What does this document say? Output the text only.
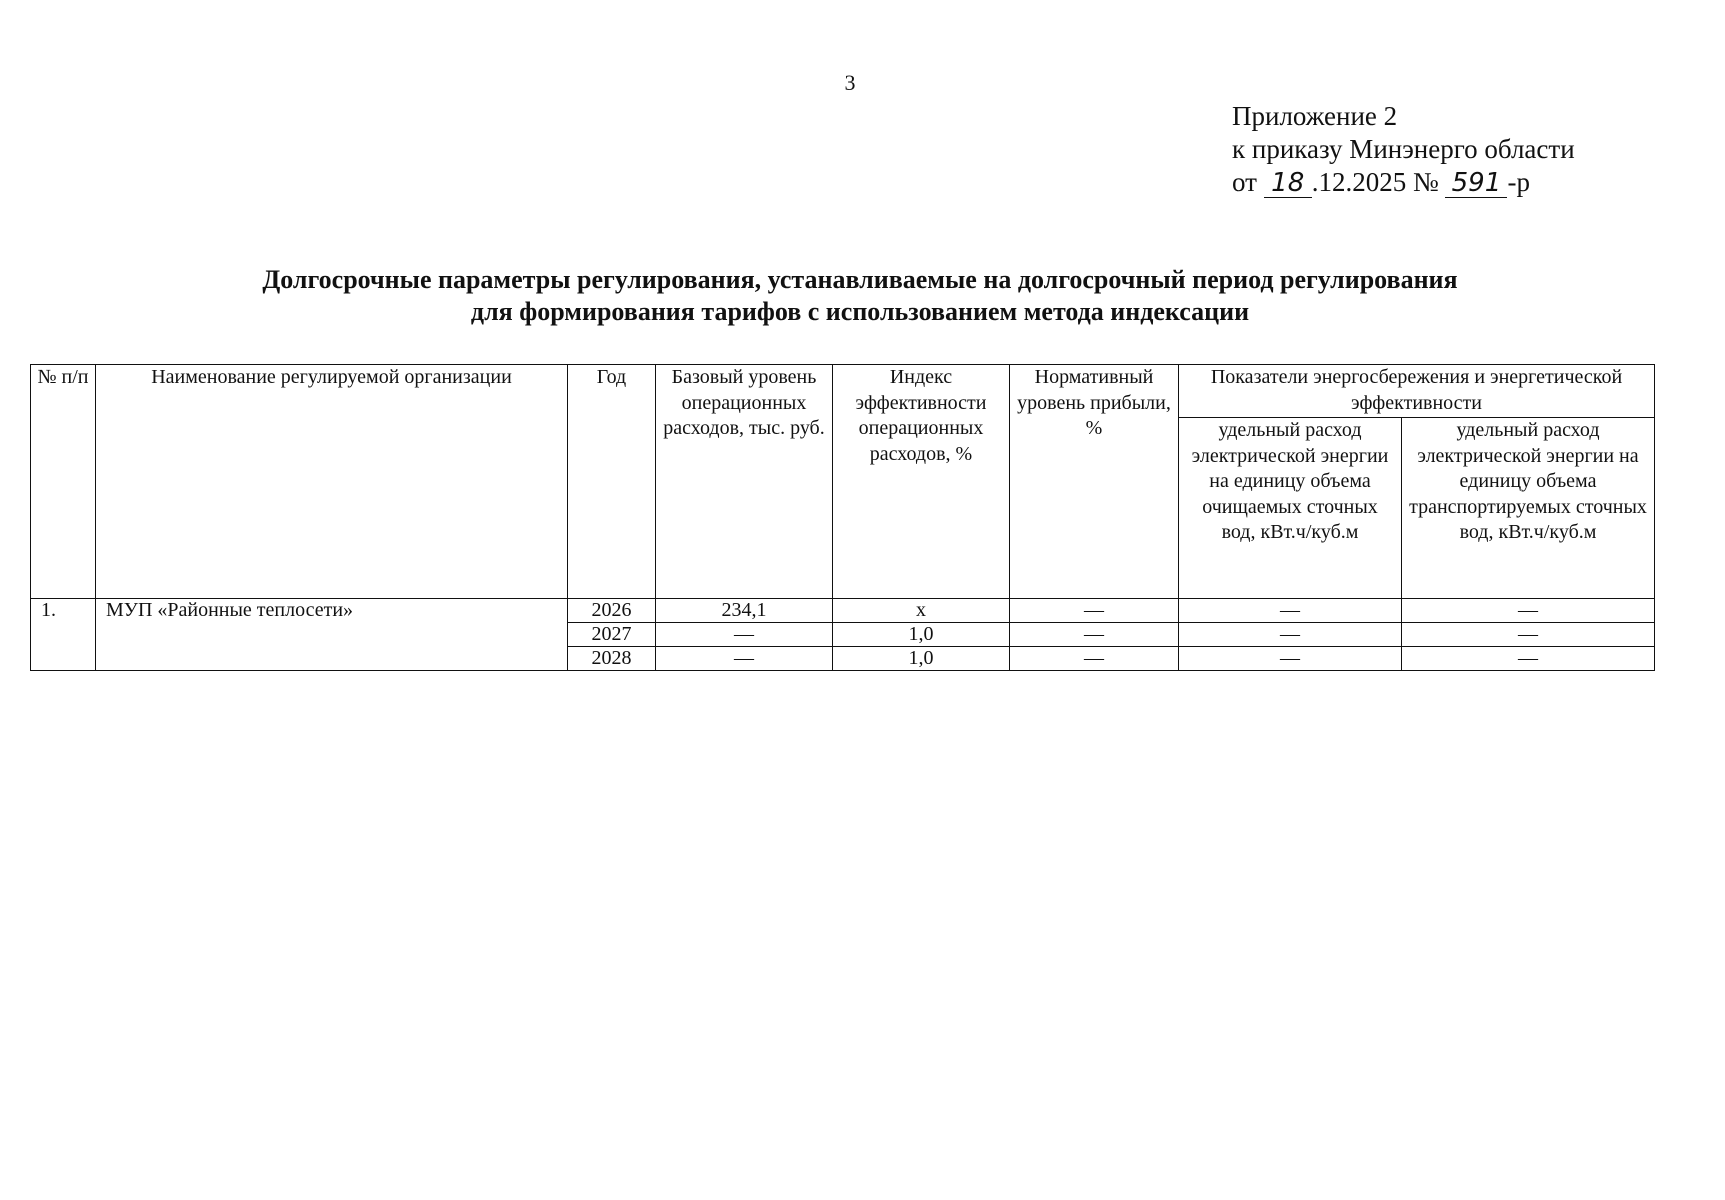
3
Приложение 2
к приказу Минэнерго области
от 18 .12.2025 № 591 -р
Долгосрочные параметры регулирования, устанавливаемые на долгосрочный период регулирования
для формирования тарифов с использованием метода индексации
№ п/п	Наименование регулируемой организации	Год	Базовый уровень операционных расходов, тыс. руб.	Индекс эффективности операционных расходов, %	Нормативный уровень прибыли, %	Показатели энергосбережения и энергетической эффективности	
						удельный расход электрической энергии на единицу объема очищаемых сточных вод, кВт.ч/куб.м	удельный расход электрической энергии на единицу объема транспортируемых сточных вод, кВт.ч/куб.м
1.	МУП «Районные теплосети»	2026	234,1	x	—	—	—
		2027	—	1,0	—	—	—
		2028	—	1,0	—	—	—
